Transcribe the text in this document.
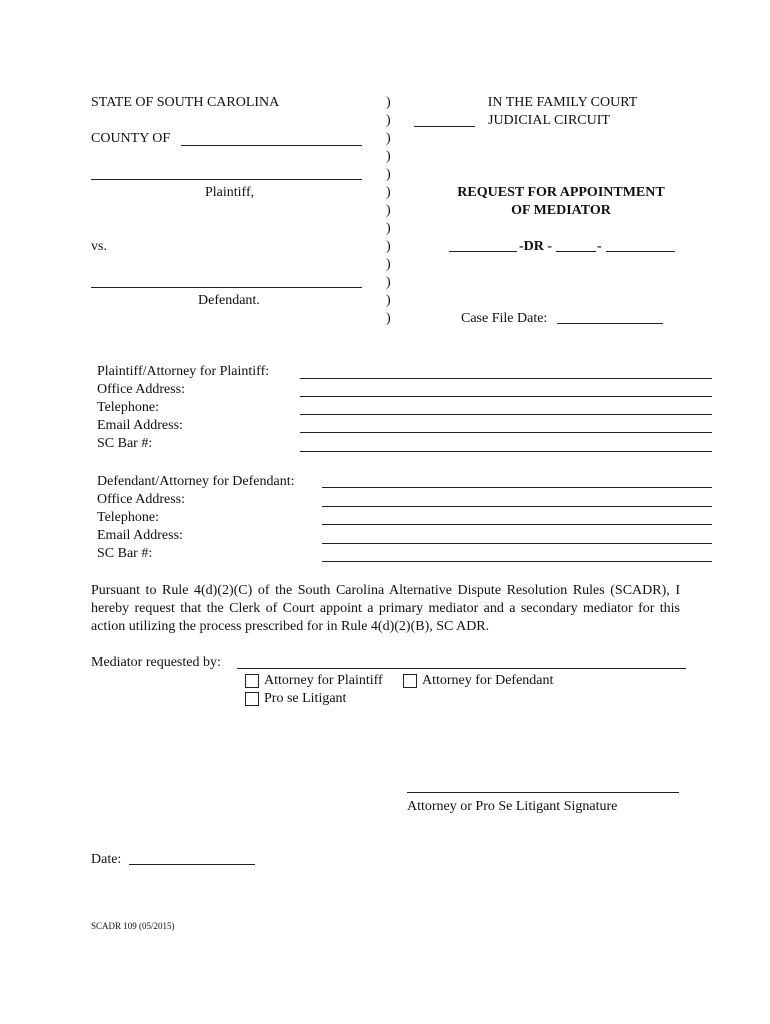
STATE OF SOUTH CAROLINA
COUNTY OF
Plaintiff,
vs.
Defendant.
)
)
)
)
)
)
)
)
)
)
)
)
)
IN THE FAMILY COURT
JUDICIAL CIRCUIT
REQUEST FOR APPOINTMENT
OF MEDIATOR
-DR -	-
Case File Date:
Plaintiff/Attorney for Plaintiff:
Office Address:
Telephone:
Email Address:
SC Bar #:
Defendant/Attorney for Defendant:
Office Address:
Telephone:
Email Address:
SC Bar #:
Pursuant to Rule 4(d)(2)(C) of the South Carolina Alternative Dispute Resolution Rules (SCADR), I hereby request that the Clerk of Court appoint a primary mediator and a secondary mediator for this action utilizing the process prescribed for in Rule 4(d)(2)(B), SC ADR.
Mediator requested by:
Attorney for Plaintiff	Attorney for Defendant
Pro se Litigant
Attorney or Pro Se Litigant Signature
Date:
SCADR 109 (05/2015)
